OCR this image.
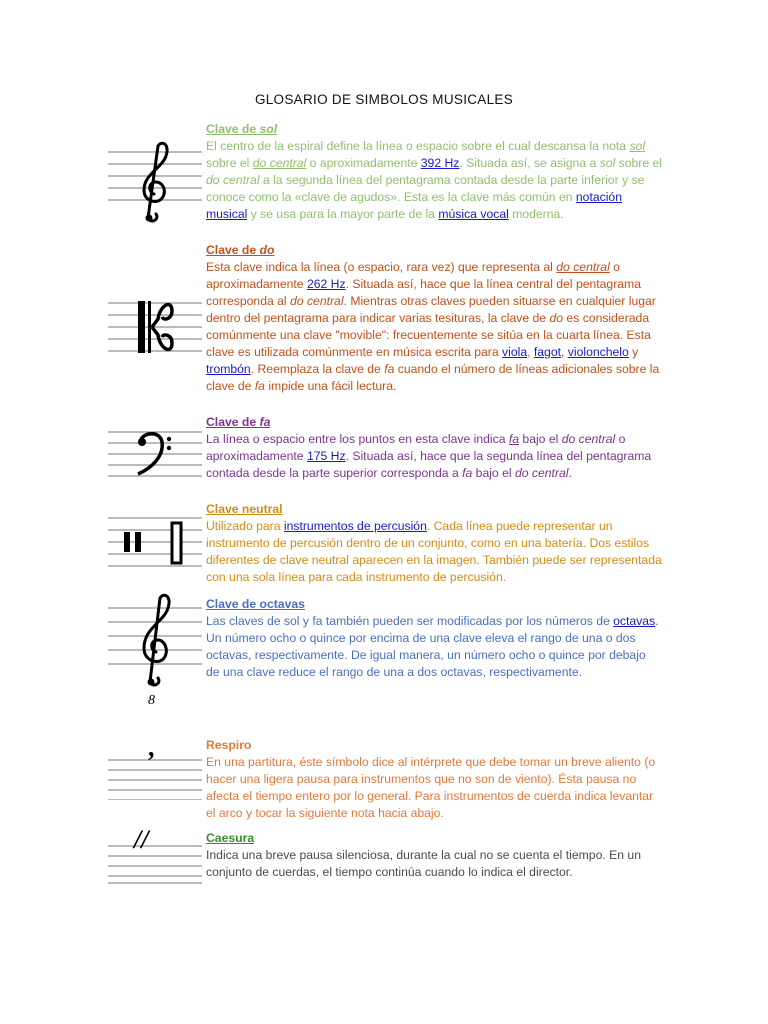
GLOSARIO DE SIMBOLOS MUSICALES
8
,
//
Clave de sol

El centro de la espiral define la línea o espacio sobre el cual descansa la nota sol sobre el do central o aproximadamente 392 Hz. Situada así, se asigna a sol sobre el do central a la segunda línea del pentagrama contada desde la parte inferior y se conoce como la «clave de agudos». Esta es la clave más común en notación musical y se usa para la mayor parte de la música vocal moderna.

Clave de do

Esta clave indica la línea (o espacio, rara vez) que representa al do central o aproximadamente 262 Hz. Situada así, hace que la línea central del pentagrama corresponda al do central. Mientras otras claves pueden situarse en cualquier lugar dentro del pentagrama para indicar varias tesituras, la clave de do es considerada comúnmente una clave "movible": frecuentemente se sitúa en la cuarta línea. Esta clave es utilizada comúnmente en música escrita para viola, fagot, violonchelo y trombón. Reemplaza la clave de fa cuando el número de líneas adicionales sobre la clave de fa impide una fácil lectura.

Clave de fa

La línea o espacio entre los puntos en esta clave indica fa bajo el do central o aproximadamente 175 Hz. Situada así, hace que la segunda línea del pentagrama contada desde la parte superior corresponda a fa bajo el do central.

Clave neutral

Utilizado para instrumentos de percusión. Cada línea puede representar un instrumento de percusión dentro de un conjunto, como en una batería. Dos estilos diferentes de clave neutral aparecen en la imagen. También puede ser representada con una sola línea para cada instrumento de percusión.

Clave de octavas

Las claves de sol y fa también pueden ser modificadas por los números de octavas. Un número ocho o quince por encima de una clave eleva el rango de una o dos octavas, respectivamente. De igual manera, un número ocho o quince por debajo de una clave reduce el rango de una a dos octavas, respectivamente.

Respiro

En una partitura, éste símbolo dice al intérprete que debe tomar un breve aliento (o hacer una ligera pausa para instrumentos que no son de viento). Ésta pausa no afecta el tiempo entero por lo general. Para instrumentos de cuerda indica levantar el arco y tocar la siguiente nota hacia abajo.

Caesura

Indica una breve pausa silenciosa, durante la cual no se cuenta el tiempo. En un conjunto de cuerdas, el tiempo continúa cuando lo indica el director.
